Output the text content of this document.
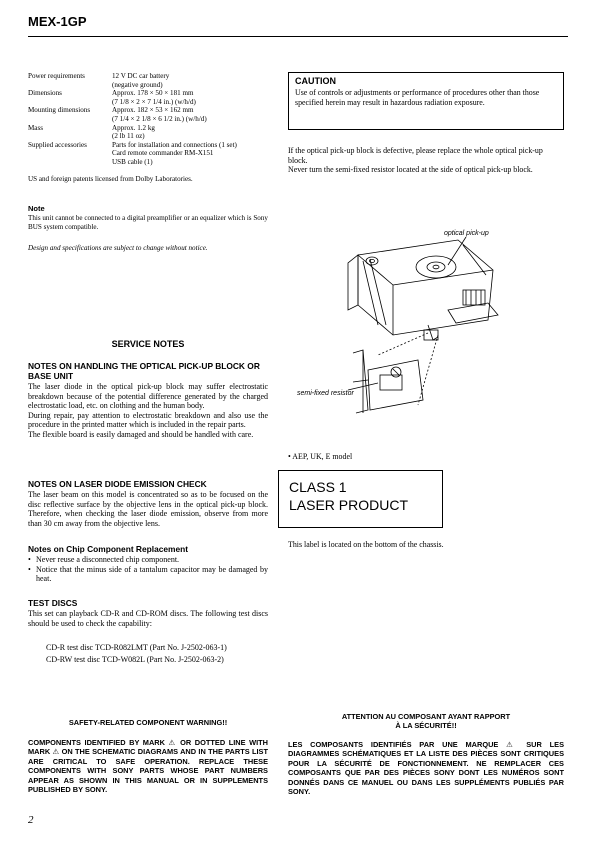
MEX-1GP
Power requirements	12 V DC car battery
(negative ground)
Dimensions	Approx. 178 × 50 × 181 mm
(7 1/8 × 2 × 7 1/4 in.) (w/h/d)
Mounting dimensions	Approx. 182 × 53 × 162 mm
(7 1/4 × 2 1/8 × 6 1/2 in.) (w/h/d)
Mass	Approx. 1.2 kg
(2 lb 11 oz)
Supplied accessories	Parts for installation and connections (1 set)
Card remote commander RM-X151
USB cable (1)
US and foreign patents licensed from Dolby Laboratories.
Note
This unit cannot be connected to a digital preamplifier or an equalizer which is Sony BUS system compatible.
Design and specifications are subject to change without notice.
SERVICE NOTES
NOTES ON HANDLING THE OPTICAL PICK-UP BLOCK OR BASE UNIT
The laser diode in the optical pick-up block may suffer electrostatic breakdown because of the potential difference generated by the charged electrostatic load, etc. on clothing and the human body.
During repair, pay attention to electrostatic breakdown and also use the procedure in the printed matter which is included in the repair parts.
The flexible board is easily damaged and should be handled with care.
NOTES ON LASER DIODE EMISSION CHECK
The laser beam on this model is concentrated so as to be focused on the disc reflective surface by the objective lens in the optical pick-up block. Therefore, when checking the laser diode emission, observe from more than 30 cm away from the objective lens.
Notes on Chip Component Replacement
• Never reuse a disconnected chip component.
• Notice that the minus side of a tantalum capacitor may be damaged by heat.
TEST DISCS
This set can playback CD-R and CD-ROM discs. The following test discs should be used to check the capability:
CD-R test disc TCD-R082LMT (Part No. J-2502-063-1)
CD-RW test disc TCD-W082L (Part No. J-2502-063-2)
CAUTION
Use of controls or adjustments or performance of procedures other than those specified herein may result in hazardous radiation exposure.
If the optical pick-up block is defective, please replace the whole optical pick-up block.
Never turn the semi-fixed resistor located at the side of optical pick-up block.
optical pick-up
semi-fixed resistor
• AEP, UK, E model
CLASS 1
LASER PRODUCT
This label is located on the bottom of the chassis.
SAFETY-RELATED COMPONENT WARNING!!
COMPONENTS IDENTIFIED BY MARK ⚠ OR DOTTED LINE WITH MARK ⚠ ON THE SCHEMATIC DIAGRAMS AND IN THE PARTS LIST ARE CRITICAL TO SAFE OPERATION. REPLACE THESE COMPONENTS WITH SONY PARTS WHOSE PART NUMBERS APPEAR AS SHOWN IN THIS MANUAL OR IN SUPPLEMENTS PUBLISHED BY SONY.
ATTENTION AU COMPOSANT AYANT RAPPORT
À LA SÉCURITÉ!!
LES COMPOSANTS IDENTIFIÉS PAR UNE MARQUE ⚠ SUR LES DIAGRAMMES SCHÉMATIQUES ET LA LISTE DES PIÈCES SONT CRITIQUES POUR LA SÉCURITÉ DE FONCTIONNEMENT. NE REMPLACER CES COMPOSANTS QUE PAR DES PIÈCES SONY DONT LES NUMÉROS SONT DONNÉS DANS CE MANUEL OU DANS LES SUPPLÉMENTS PUBLIÉS PAR SONY.
2
